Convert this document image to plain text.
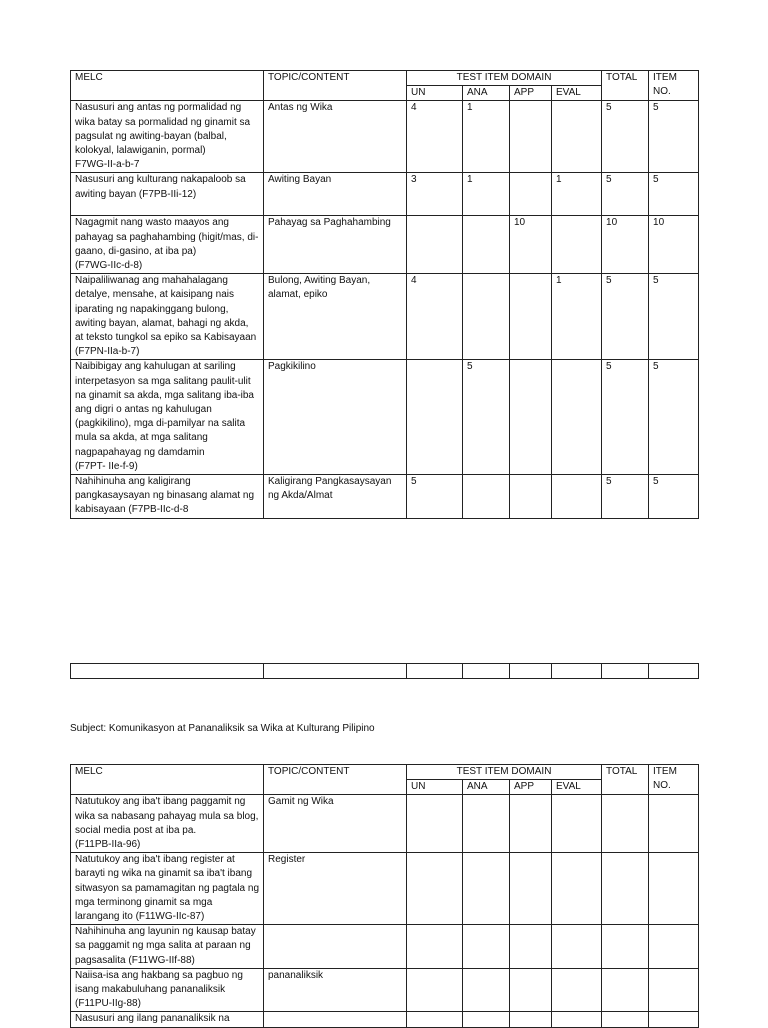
MELC	TOPIC/CONTENT	TEST ITEM DOMAIN				TOTAL	ITEM NO.
		UN	ANA	APP	EVAL		
Nasusuri ang antas ng pormalidad ng wika batay sa pormalidad ng ginamit sa pagsulat ng awiting-bayan (balbal, kolokyal, lalawiganin, pormal)
F7WG-II-a-b-7	Antas ng Wika	4	1			5	5
Nasusuri ang kulturang nakapaloob sa awiting bayan (F7PB-IIi-12)	Awiting Bayan	3	1		1	5	5
Nagagmit nang wasto maayos ang pahayag sa paghahambing (higit/mas, di-gaano, di-gasino, at iba pa)
(F7WG-IIc-d-8)	Pahayag sa Paghahambing			10		10	10
Naipaliliwanag ang mahahalagang detalye, mensahe, at kaisipang nais iparating ng napakinggang bulong, awiting bayan, alamat, bahagi ng akda, at teksto tungkol sa epiko sa Kabisayaan (F7PN-IIa-b-7)	Bulong, Awiting Bayan, alamat, epiko	4			1	5	5
Naibibigay ang kahulugan at sariling interpetasyon sa mga salitang paulit-ulit na ginamit sa akda, mga salitang iba-iba ang digri o antas ng kahulugan (pagkikilino), mga di-pamilyar na salita mula sa akda, at mga salitang nagpapahayag ng damdamin
(F7PT- IIe-f-9)	Pagkikilino		5			5	5
Nahihinuha ang kaligirang pangkasaysayan ng binasang alamat ng kabisayaan (F7PB-IIc-d-8	Kaligirang Pangkasaysayan ng Akda/Almat	5				5	5

Subject: Komunikasyon at Pananaliksik sa Wika at Kulturang Pilipino
MELC	TOPIC/CONTENT	TEST ITEM DOMAIN				TOTAL	ITEM NO.
		UN	ANA	APP	EVAL		
Natutukoy ang iba't ibang paggamit ng wika sa nabasang pahayag mula sa blog, social media post at iba pa.
(F11PB-IIa-96)	Gamit ng Wika						
Natutukoy ang iba't ibang register at barayti ng wika na ginamit sa iba't ibang sitwasyon sa pamamagitan ng pagtala ng mga terminong ginamit sa mga larangang ito (F11WG-IIc-87)	Register						
Nahihinuha ang layunin ng kausap batay sa paggamit ng mga salita at paraan ng pagsasalita (F11WG-IIf-88)							
Naiisa-isa ang hakbang sa pagbuo ng isang makabuluhang pananaliksik (F11PU-IIg-88)	pananaliksik						
Nasusuri ang ilang pananaliksik na							
